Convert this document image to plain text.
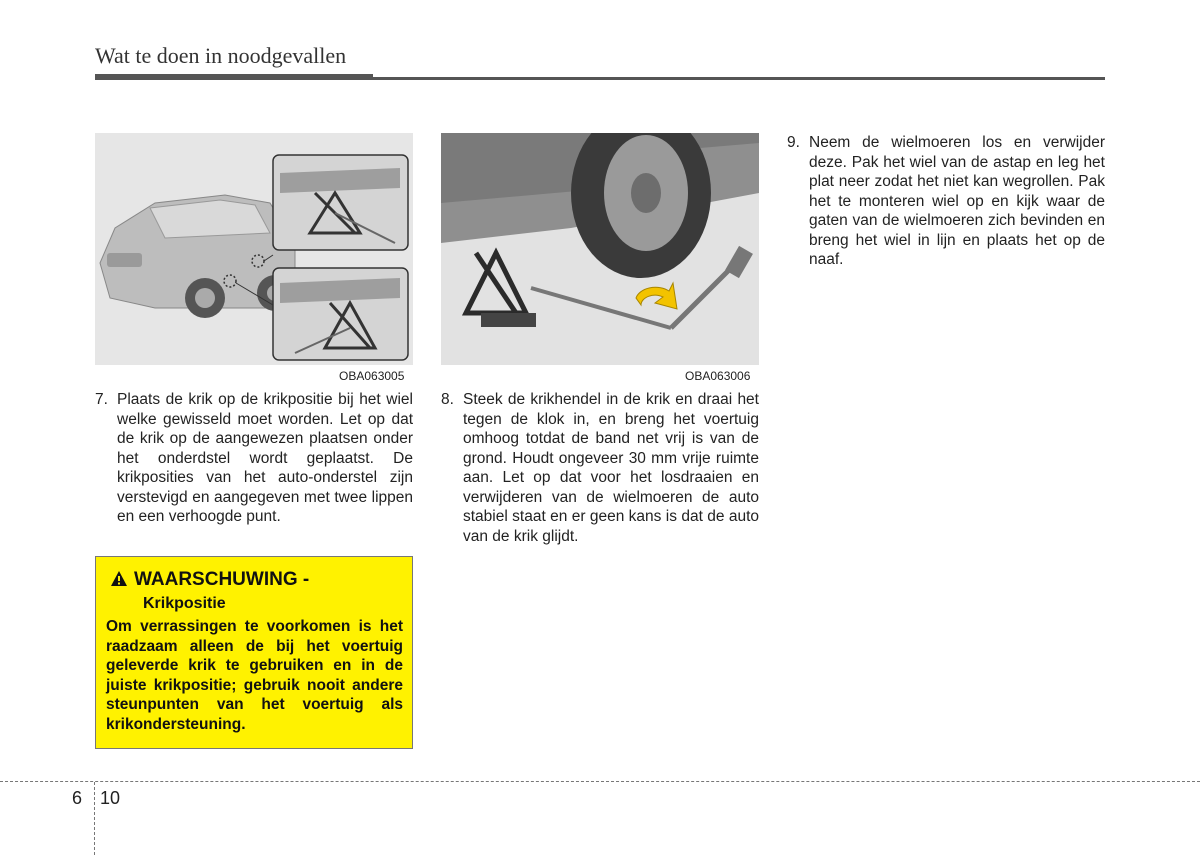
Wat te doen in noodgevallen
OBA063005	OBA063006
7. Plaats de krik op de krikpositie bij het wiel welke gewisseld moet worden. Let op dat de krik op de aangewezen plaatsen onder het onderdstel wordt geplaatst. De krikposities van het auto-onderstel zijn verstevigd en aangegeven met twee lippen en een verhoogde punt.
8. Steek de krikhendel in de krik en draai het tegen de klok in, en breng het voertuig omhoog totdat de band net vrij is van de grond. Houdt ongeveer 30 mm vrije ruimte aan. Let op dat voor het losdraaien en verwijderen van de wielmoeren de auto stabiel staat en er geen kans is dat de auto van de krik glijdt.
9. Neem de wielmoeren los en verwijder deze. Pak het wiel van de astap en leg het plat neer zodat het niet kan wegrollen. Pak het te monteren wiel op en kijk waar de gaten van de wielmoeren zich bevinden en breng het wiel in lijn en plaats het op de naaf.
WAARSCHUWING -
Krikpositie
Om verrassingen te voorkomen is het raadzaam alleen de bij het voertuig geleverde krik te gebruiken en in de juiste krikpositie; gebruik nooit andere steunpunten van het voertuig als krikondersteuning.
6 10
